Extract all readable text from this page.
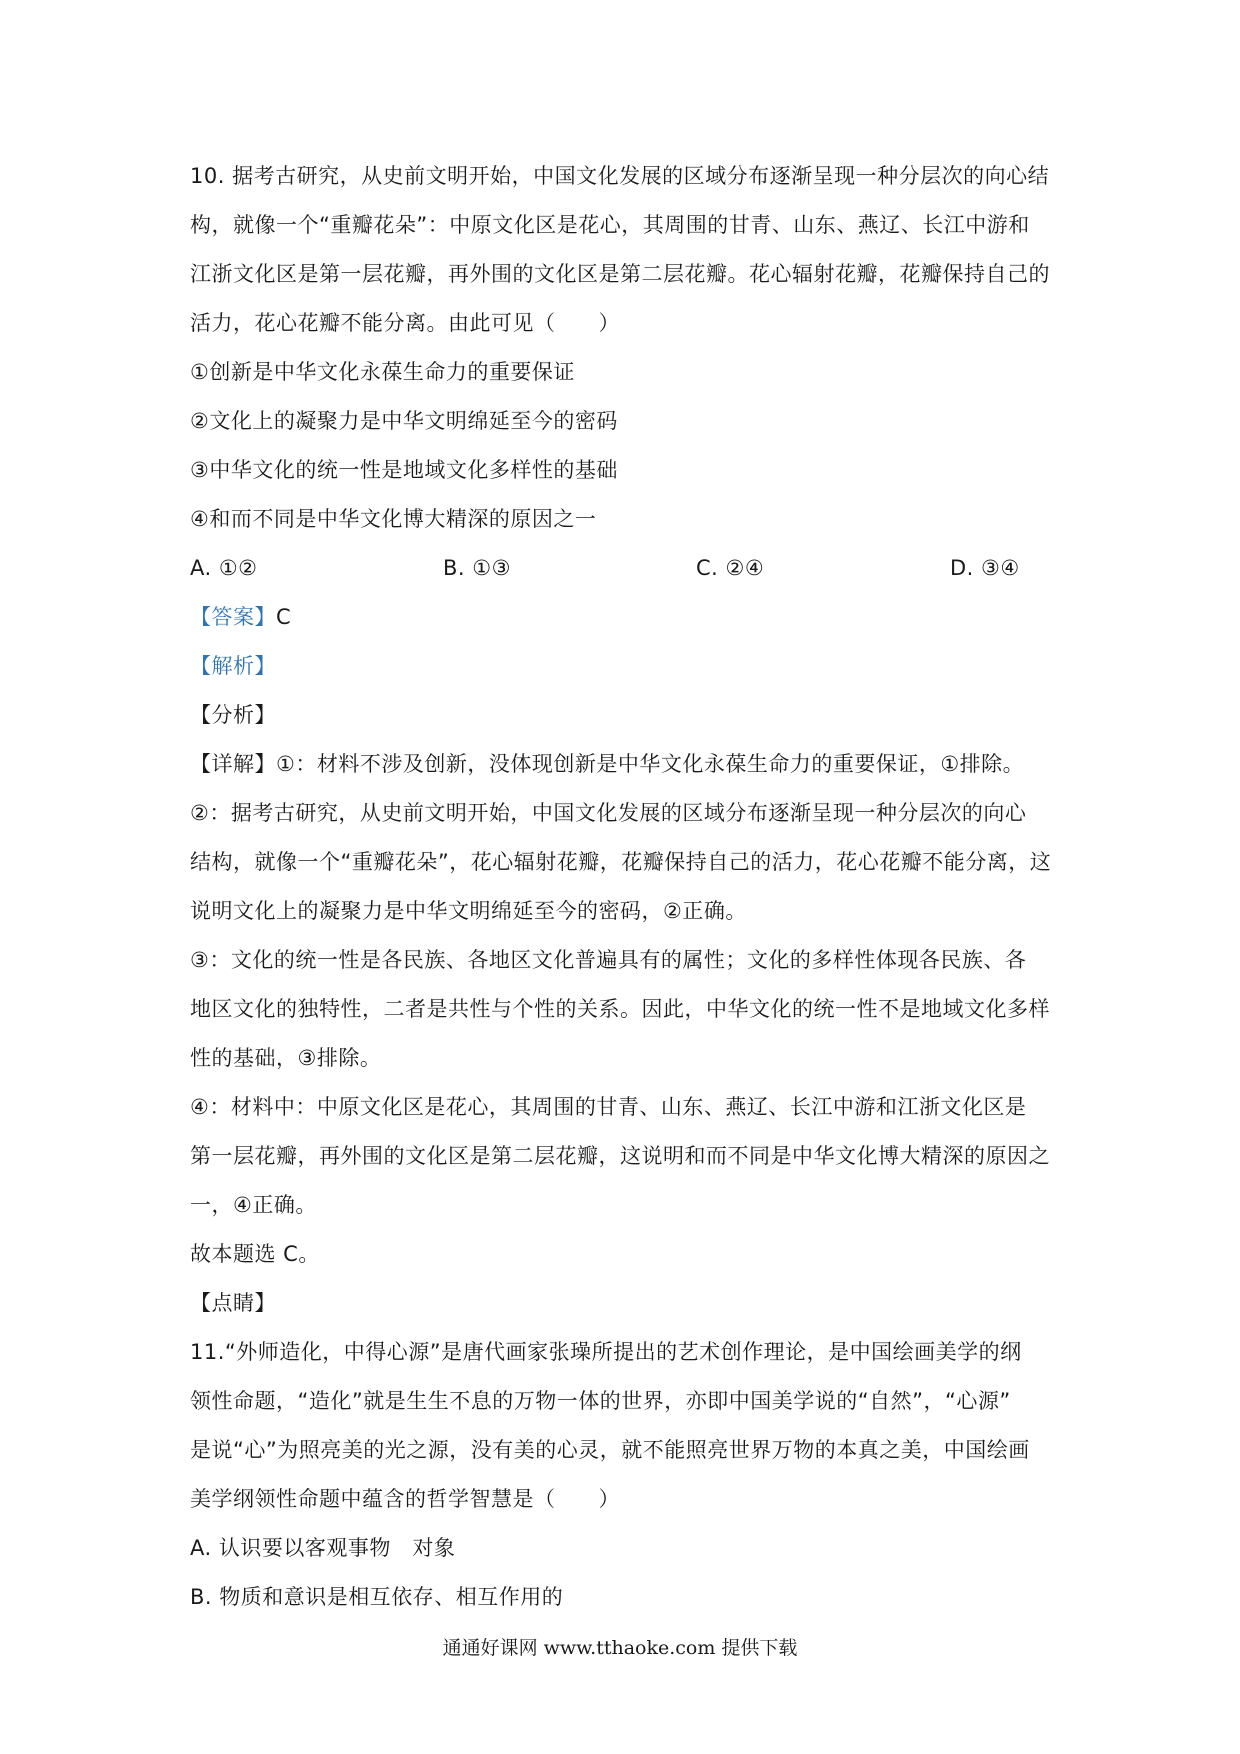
10. 据考古研究，从史前文明开始，中国文化发展的区域分布逐渐呈现一种分层次的向心结
构，就像一个“重瓣花朵”：中原文化区是花心，其周围的甘青、山东、燕辽、长江中游和
江浙文化区是第一层花瓣，再外围的文化区是第二层花瓣。花心辐射花瓣，花瓣保持自己的
活力，花心花瓣不能分离。由此可见（　　）
①创新是中华文化永葆生命力的重要保证
②文化上的凝聚力是中华文明绵延至今的密码
③中华文化的统一性是地域文化多样性的基础
④和而不同是中华文化博大精深的原因之一
A. ①②	B. ①③	C. ②④	D. ③④
【答案】C
【解析】
【分析】
【详解】①：材料不涉及创新，没体现创新是中华文化永葆生命力的重要保证，①排除。
②：据考古研究，从史前文明开始，中国文化发展的区域分布逐渐呈现一种分层次的向心
结构，就像一个“重瓣花朵”，花心辐射花瓣，花瓣保持自己的活力，花心花瓣不能分离，这
说明文化上的凝聚力是中华文明绵延至今的密码，②正确。
③：文化的统一性是各民族、各地区文化普遍具有的属性；文化的多样性体现各民族、各
地区文化的独特性，二者是共性与个性的关系。因此，中华文化的统一性不是地域文化多样
性的基础，③排除。
④：材料中：中原文化区是花心，其周围的甘青、山东、燕辽、长江中游和江浙文化区是
第一层花瓣，再外围的文化区是第二层花瓣，这说明和而不同是中华文化博大精深的原因之
一，④正确。
故本题选 C。
【点睛】
11.“外师造化，中得心源”是唐代画家张璪所提出的艺术创作理论，是中国绘画美学的纲
领性命题，“造化”就是生生不息的万物一体的世界，亦即中国美学说的“自然”，“心源”
是说“心”为照亮美的光之源，没有美的心灵，就不能照亮世界万物的本真之美，中国绘画
美学纲领性命题中蕴含的哲学智慧是（　　）
A. 认识要以客观事物　对象
B. 物质和意识是相互依存、相互作用的
通通好课网 www.tthaoke.com 提供下载
